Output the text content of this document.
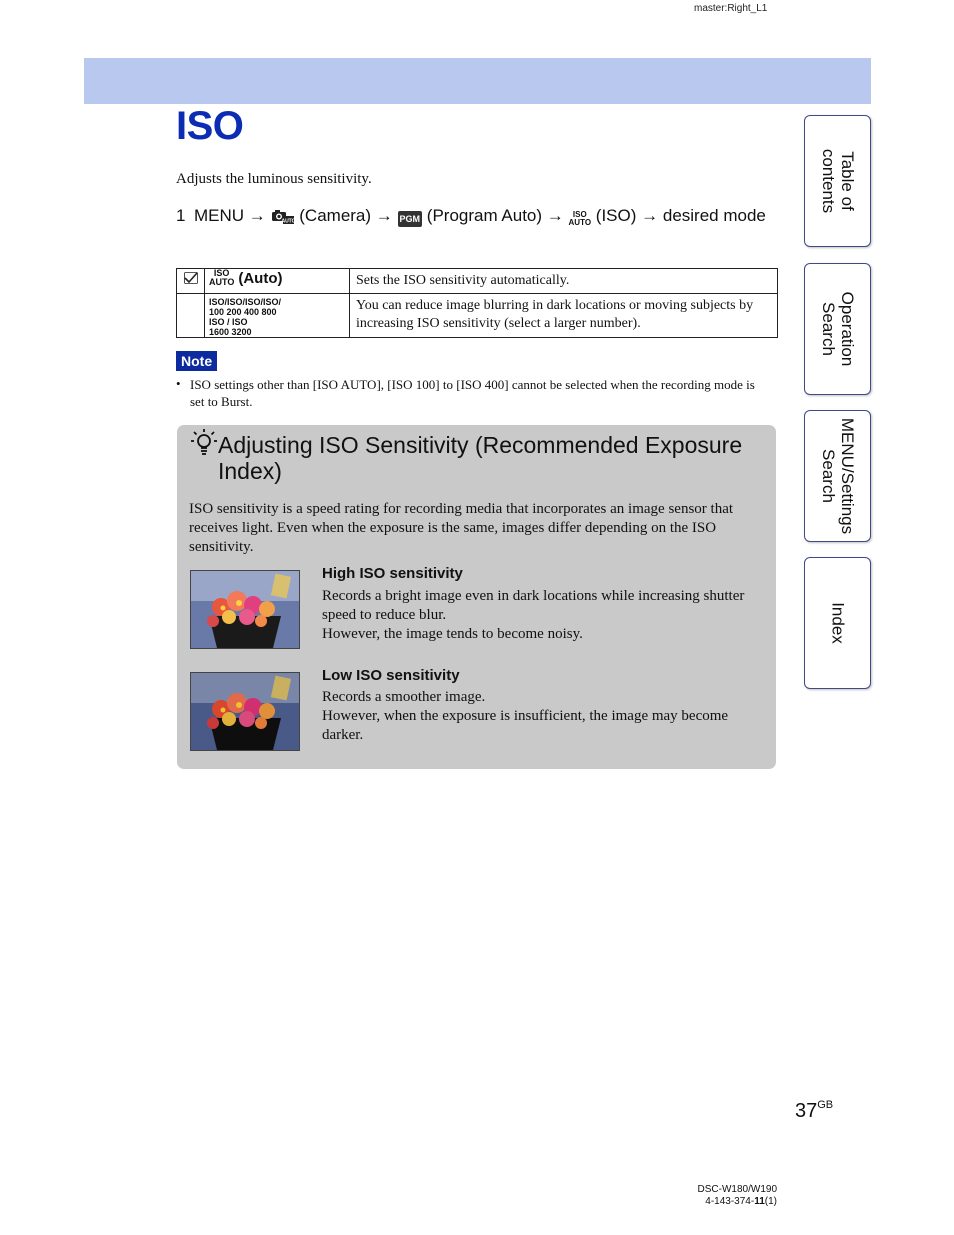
master:Right_L1
ISO
Adjusts the luminous sensitivity.
1 MENU →	AUTO (Camera) → PGM (Program Auto) → ISO
AUTO (ISO) → desired mode
	ISO
AUTO (Auto)	Sets the ISO sensitivity automatically.

	ISO/ISO/ISO/ISO/
100 200 400 800
ISO / ISO
1600 3200	You can reduce image blurring in dark locations or moving subjects by increasing ISO sensitivity (select a larger number).
Note
• ISO settings other than [ISO AUTO], [ISO 100] to [ISO 400] cannot be selected when the recording mode is set to Burst.
Adjusting ISO Sensitivity (Recommended Exposure Index)
ISO sensitivity is a speed rating for recording media that incorporates an image sensor that receives light. Even when the exposure is the same, images differ depending on the ISO sensitivity.
High ISO sensitivity
Records a bright image even in dark locations while increasing shutter speed to reduce blur.
However, the image tends to become noisy.
Low ISO sensitivity
Records a smoother image.
However, when the exposure is insufficient, the image may become darker.
Table of
contents
Operation
Search
MENU/Settings
Search
Index
$37^{GB}$
DSC-W180/W190
4-143-374-11(1)
